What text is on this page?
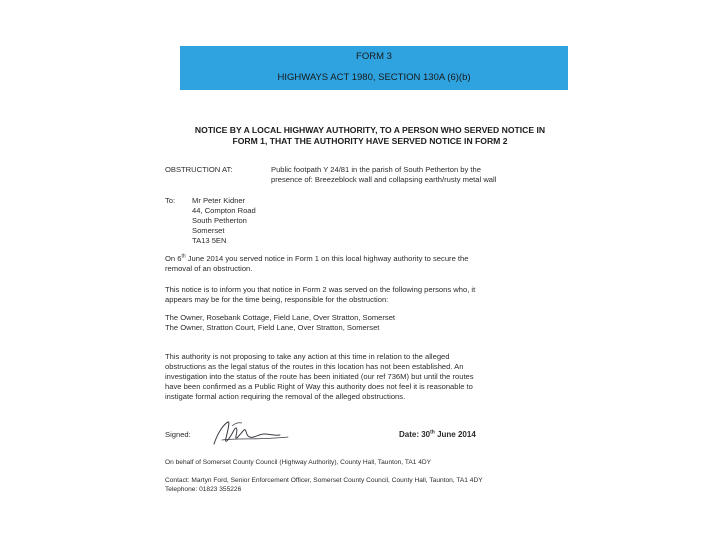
FORM 3
HIGHWAYS ACT 1980, SECTION 130A (6)(b)
NOTICE BY A LOCAL HIGHWAY AUTHORITY, TO A PERSON WHO SERVED NOTICE IN
FORM 1, THAT THE AUTHORITY HAVE SERVED NOTICE IN FORM 2
OBSTRUCTION AT:	Public footpath Y 24/81 in the parish of South Petherton by the
presence of: Breezeblock wall and collapsing earth/rusty metal wall
To: Mr Peter Kidner
44, Compton Road
South Petherton
Somerset
TA13 5EN
On 6th June 2014 you served notice in Form 1 on this local highway authority to secure the
removal of an obstruction.
This notice is to inform you that notice in Form 2 was served on the following persons who, it
appears may be for the time being, responsible for the obstruction:
The Owner, Rosebank Cottage, Field Lane, Over Stratton, Somerset
The Owner, Stratton Court, Field Lane, Over Stratton, Somerset
This authority is not proposing to take any action at this time in relation to the alleged
obstructions as the legal status of the routes in this location has not been established. An
investigation into the status of the route has been initiated (our ref 736M) but until the routes
have been confirmed as a Public Right of Way this authority does not feel it is reasonable to
instigate formal action requiring the removal of the alleged obstructions.
Signed:	Date: 30th June 2014
On behalf of Somerset County Council (Highway Authority), County Hall, Taunton, TA1 4DY
Contact: Martyn Ford, Senior Enforcement Officer, Somerset County Council, County Hall, Taunton, TA1 4DY
Telephone: 01823 355226
